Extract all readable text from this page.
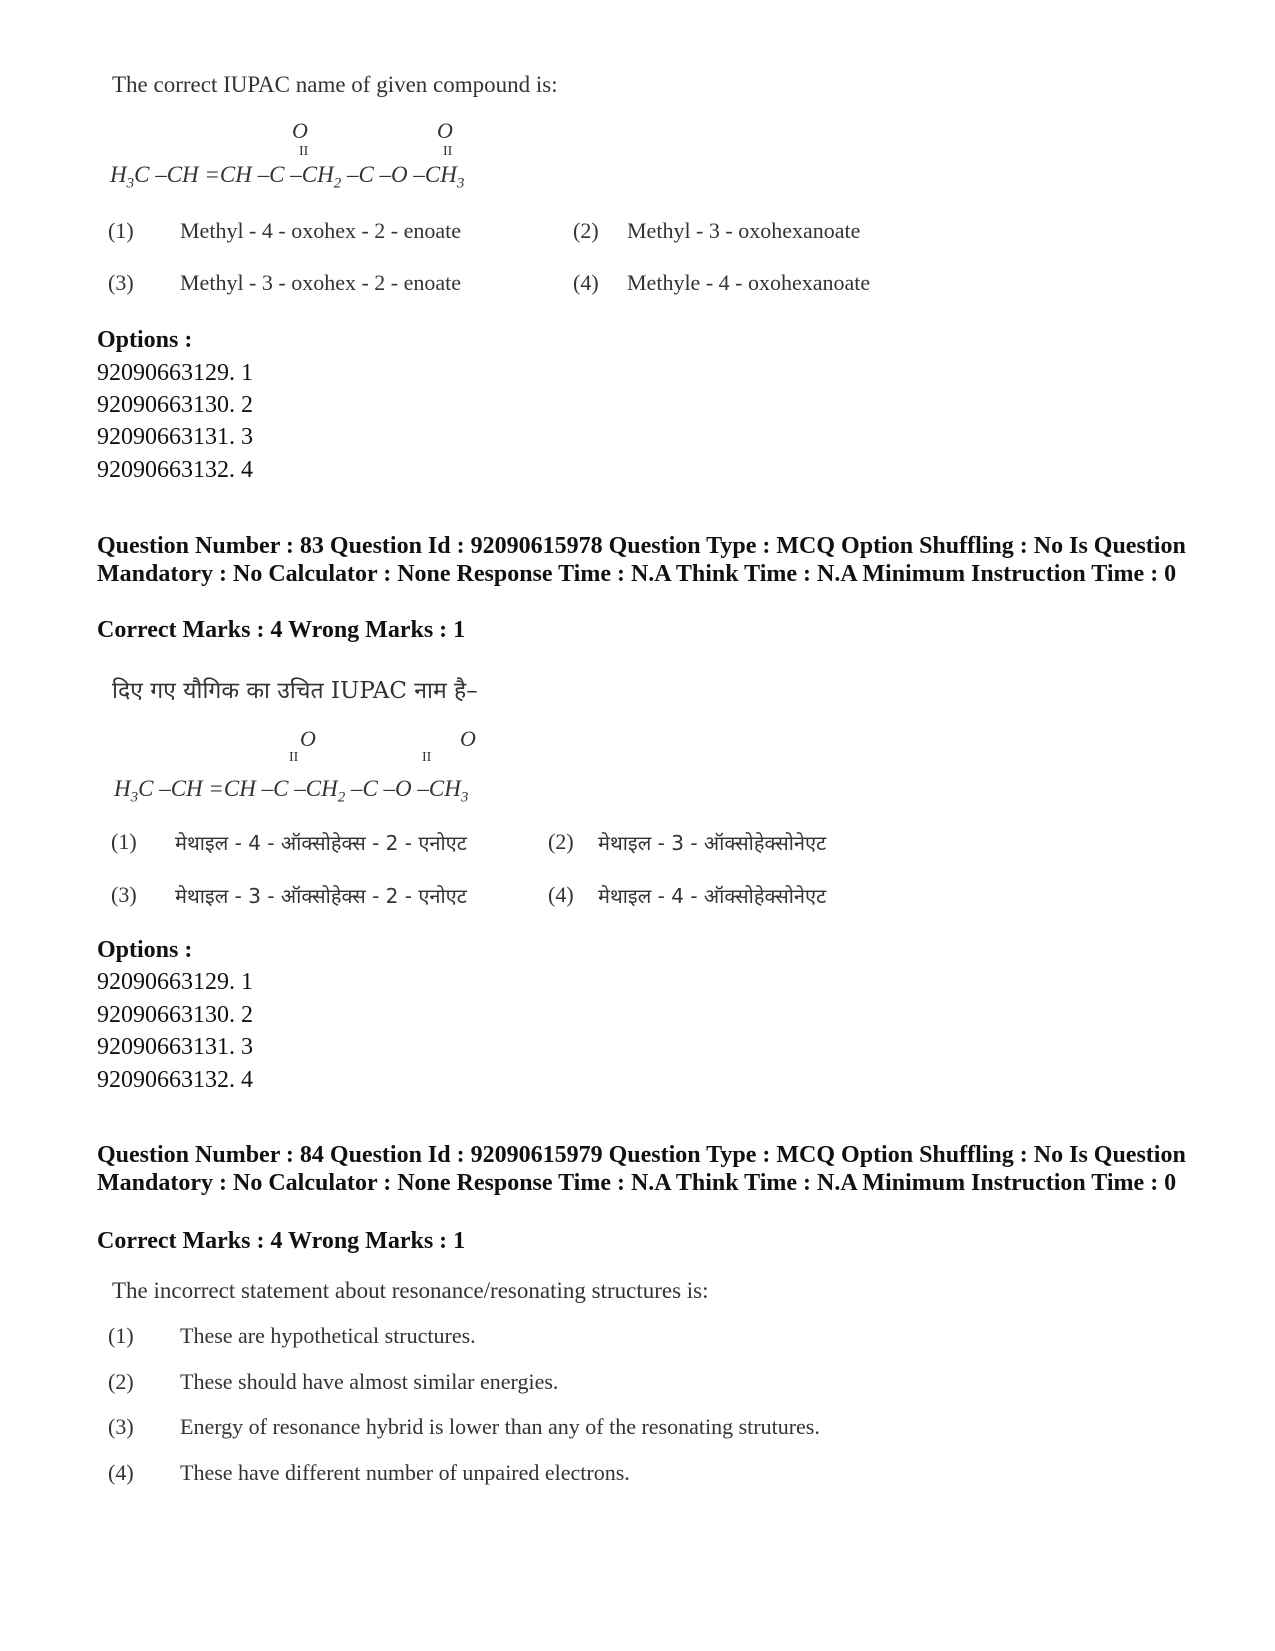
The correct IUPAC name of given compound is:
O
II
O
II
$H_3C$ –CH =CH –C $-CH_2$ –C –O $-CH_3$
(1) Methyl - 4 - oxohex - 2 - enoate	(2) Methyl - 3 - oxohexanoate
(3) Methyl - 3 - oxohex - 2 - enoate	(4) Methyle - 4 - oxohexanoate
Options :
92090663129. 1
92090663130. 2
92090663131. 3
92090663132. 4
Question Number : 83 Question Id : 92090615978 Question Type : MCQ Option Shuffling : No Is Question Mandatory : No Calculator : None Response Time : N.A Think Time : N.A Minimum Instruction Time : 0
Correct Marks : 4 Wrong Marks : 1
दिए गए यौगिक का उचित IUPAC नाम है–
II
O
II
O
$H_3C$ –CH =CH –C $-CH_2$ –C –O $-CH_3$
(1) मेथाइल - 4 - ऑक्सोहेक्स - 2 - एनोएट	(2) मेथाइल - 3 - ऑक्सोहेक्सोनेएट
(3) मेथाइल - 3 - ऑक्सोहेक्स - 2 - एनोएट	(4) मेथाइल - 4 - ऑक्सोहेक्सोनेएट
Options :
92090663129. 1
92090663130. 2
92090663131. 3
92090663132. 4
Question Number : 84 Question Id : 92090615979 Question Type : MCQ Option Shuffling : No Is Question Mandatory : No Calculator : None Response Time : N.A Think Time : N.A Minimum Instruction Time : 0
Correct Marks : 4 Wrong Marks : 1
The incorrect statement about resonance/resonating structures is:
(1) These are hypothetical structures.
(2) These should have almost similar energies.
(3) Energy of resonance hybrid is lower than any of the resonating strutures.
(4) These have different number of unpaired electrons.
